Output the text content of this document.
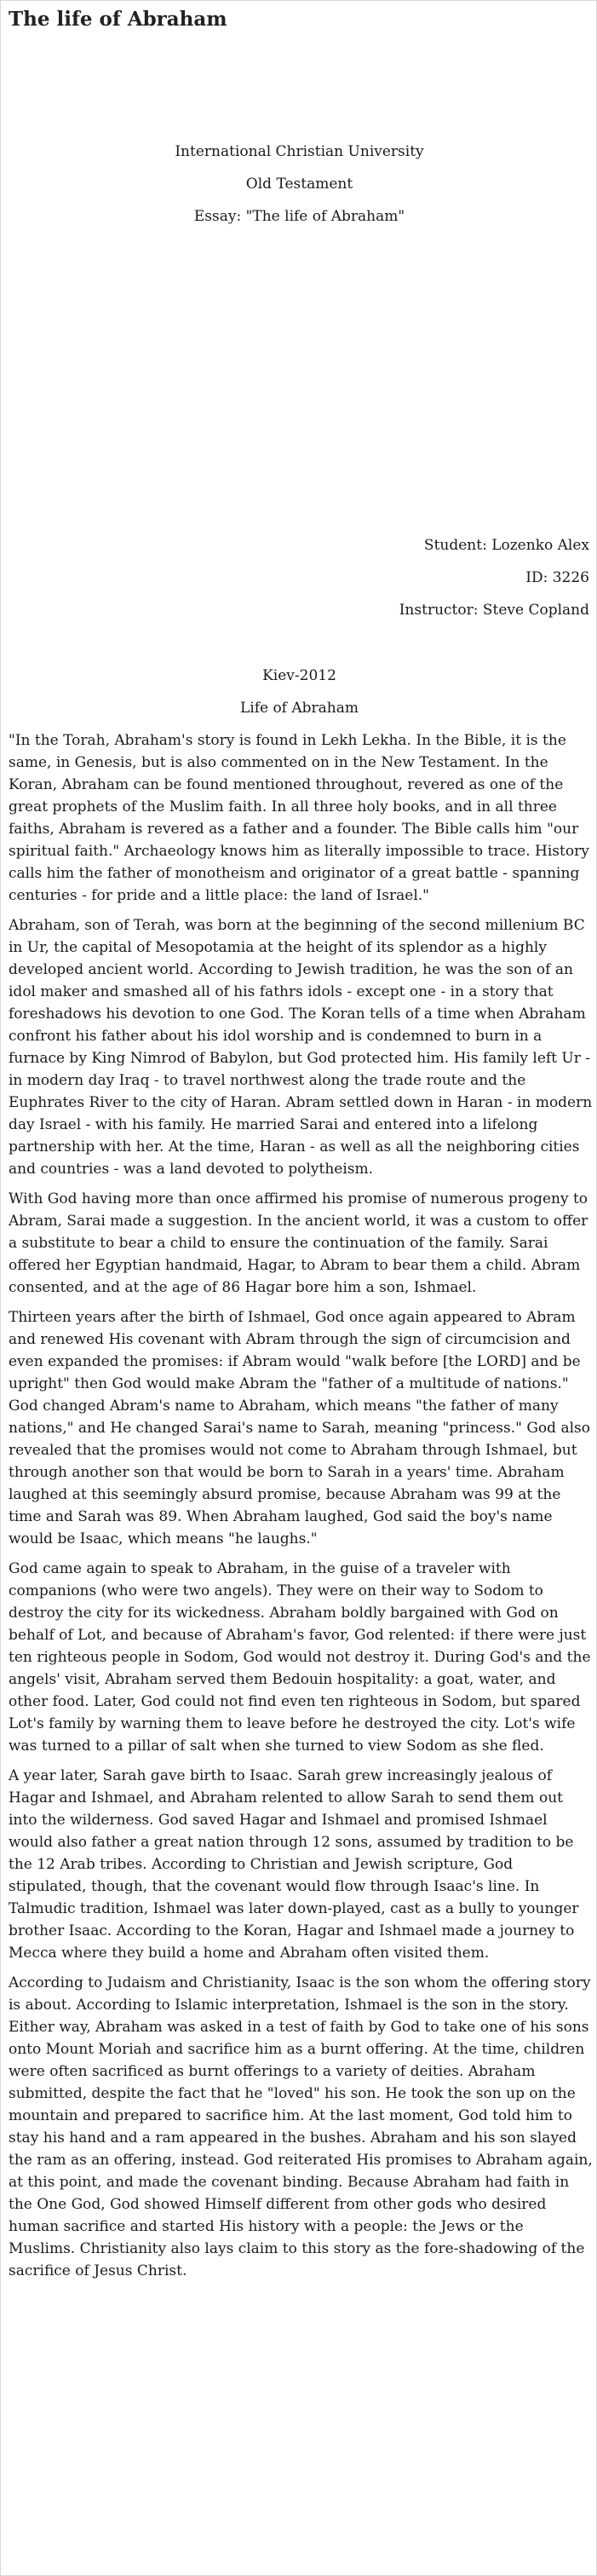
The life of Abraham
International Christian University
Old Testament
Essay: "The life of Abraham"
Student: Lozenko Alex
ID: 3226
Instructor: Steve Copland
Kiev-2012
Life of Abraham

"In the Torah, Abraham's story is found in Lekh Lekha. In the Bible, it is the same, in Genesis, but is also commented on in the New Testament. In the Koran, Abraham can be found mentioned throughout, revered as one of the great prophets of the Muslim faith. In all three holy books, and in all three faiths, Abraham is revered as a father and a founder. The Bible calls him "our spiritual faith." Archaeology knows him as literally impossible to trace. History calls him the father of monotheism and originator of a great battle - spanning centuries - for pride and a little place: the land of Israel."

Abraham, son of Terah, was born at the beginning of the second millenium BC in Ur, the capital of Mesopotamia at the height of its splendor as a highly developed ancient world. According to Jewish tradition, he was the son of an idol maker and smashed all of his fathrs idols - except one - in a story that foreshadows his devotion to one God. The Koran tells of a time when Abraham confront his father about his idol worship and is condemned to burn in a furnace by King Nimrod of Babylon, but God protected him. His family left Ur - in modern day Iraq - to travel northwest along the trade route and the Euphrates River to the city of Haran. Abram settled down in Haran - in modern day Israel - with his family. He married Sarai and entered into a lifelong partnership with her. At the time, Haran - as well as all the neighboring cities and countries - was a land devoted to polytheism.

With God having more than once affirmed his promise of numerous progeny to Abram, Sarai made a suggestion. In the ancient world, it was a custom to offer a substitute to bear a child to ensure the continuation of the family. Sarai offered her Egyptian handmaid, Hagar, to Abram to bear them a child. Abram consented, and at the age of 86 Hagar bore him a son, Ishmael.

Thirteen years after the birth of Ishmael, God once again appeared to Abram and renewed His covenant with Abram through the sign of circumcision and even expanded the promises: if Abram would "walk before [the LORD] and be upright" then God would make Abram the "father of a multitude of nations." God changed Abram's name to Abraham, which means "the father of many nations," and He changed Sarai's name to Sarah, meaning "princess." God also revealed that the promises would not come to Abraham through Ishmael, but through another son that would be born to Sarah in a years' time. Abraham laughed at this seemingly absurd promise, because Abraham was 99 at the time and Sarah was 89. When Abraham laughed, God said the boy's name would be Isaac, which means "he laughs."

God came again to speak to Abraham, in the guise of a traveler with companions (who were two angels). They were on their way to Sodom to destroy the city for its wickedness. Abraham boldly bargained with God on behalf of Lot, and because of Abraham's favor, God relented: if there were just ten righteous people in Sodom, God would not destroy it. During God's and the angels' visit, Abraham served them Bedouin hospitality: a goat, water, and other food. Later, God could not find even ten righteous in Sodom, but spared Lot's family by warning them to leave before he destroyed the city. Lot's wife was turned to a pillar of salt when she turned to view Sodom as she fled.

A year later, Sarah gave birth to Isaac. Sarah grew increasingly jealous of Hagar and Ishmael, and Abraham relented to allow Sarah to send them out into the wilderness. God saved Hagar and Ishmael and promised Ishmael would also father a great nation through 12 sons, assumed by tradition to be the 12 Arab tribes. According to Christian and Jewish scripture, God stipulated, though, that the covenant would flow through Isaac's line. In Talmudic tradition, Ishmael was later down-played, cast as a bully to younger brother Isaac. According to the Koran, Hagar and Ishmael made a journey to Mecca where they build a home and Abraham often visited them.

According to Judaism and Christianity, Isaac is the son whom the offering story is about. According to Islamic interpretation, Ishmael is the son in the story. Either way, Abraham was asked in a test of faith by God to take one of his sons onto Mount Moriah and sacrifice him as a burnt offering. At the time, children were often sacrificed as burnt offerings to a variety of deities. Abraham submitted, despite the fact that he "loved" his son. He took the son up on the mountain and prepared to sacrifice him. At the last moment, God told him to stay his hand and a ram appeared in the bushes. Abraham and his son slayed the ram as an offering, instead. God reiterated His promises to Abraham again, at this point, and made the covenant binding. Because Abraham had faith in the One God, God showed Himself different from other gods who desired human sacrifice and started His history with a people: the Jews or the Muslims. Christianity also lays claim to this story as the fore-shadowing of the sacrifice of Jesus Christ.
